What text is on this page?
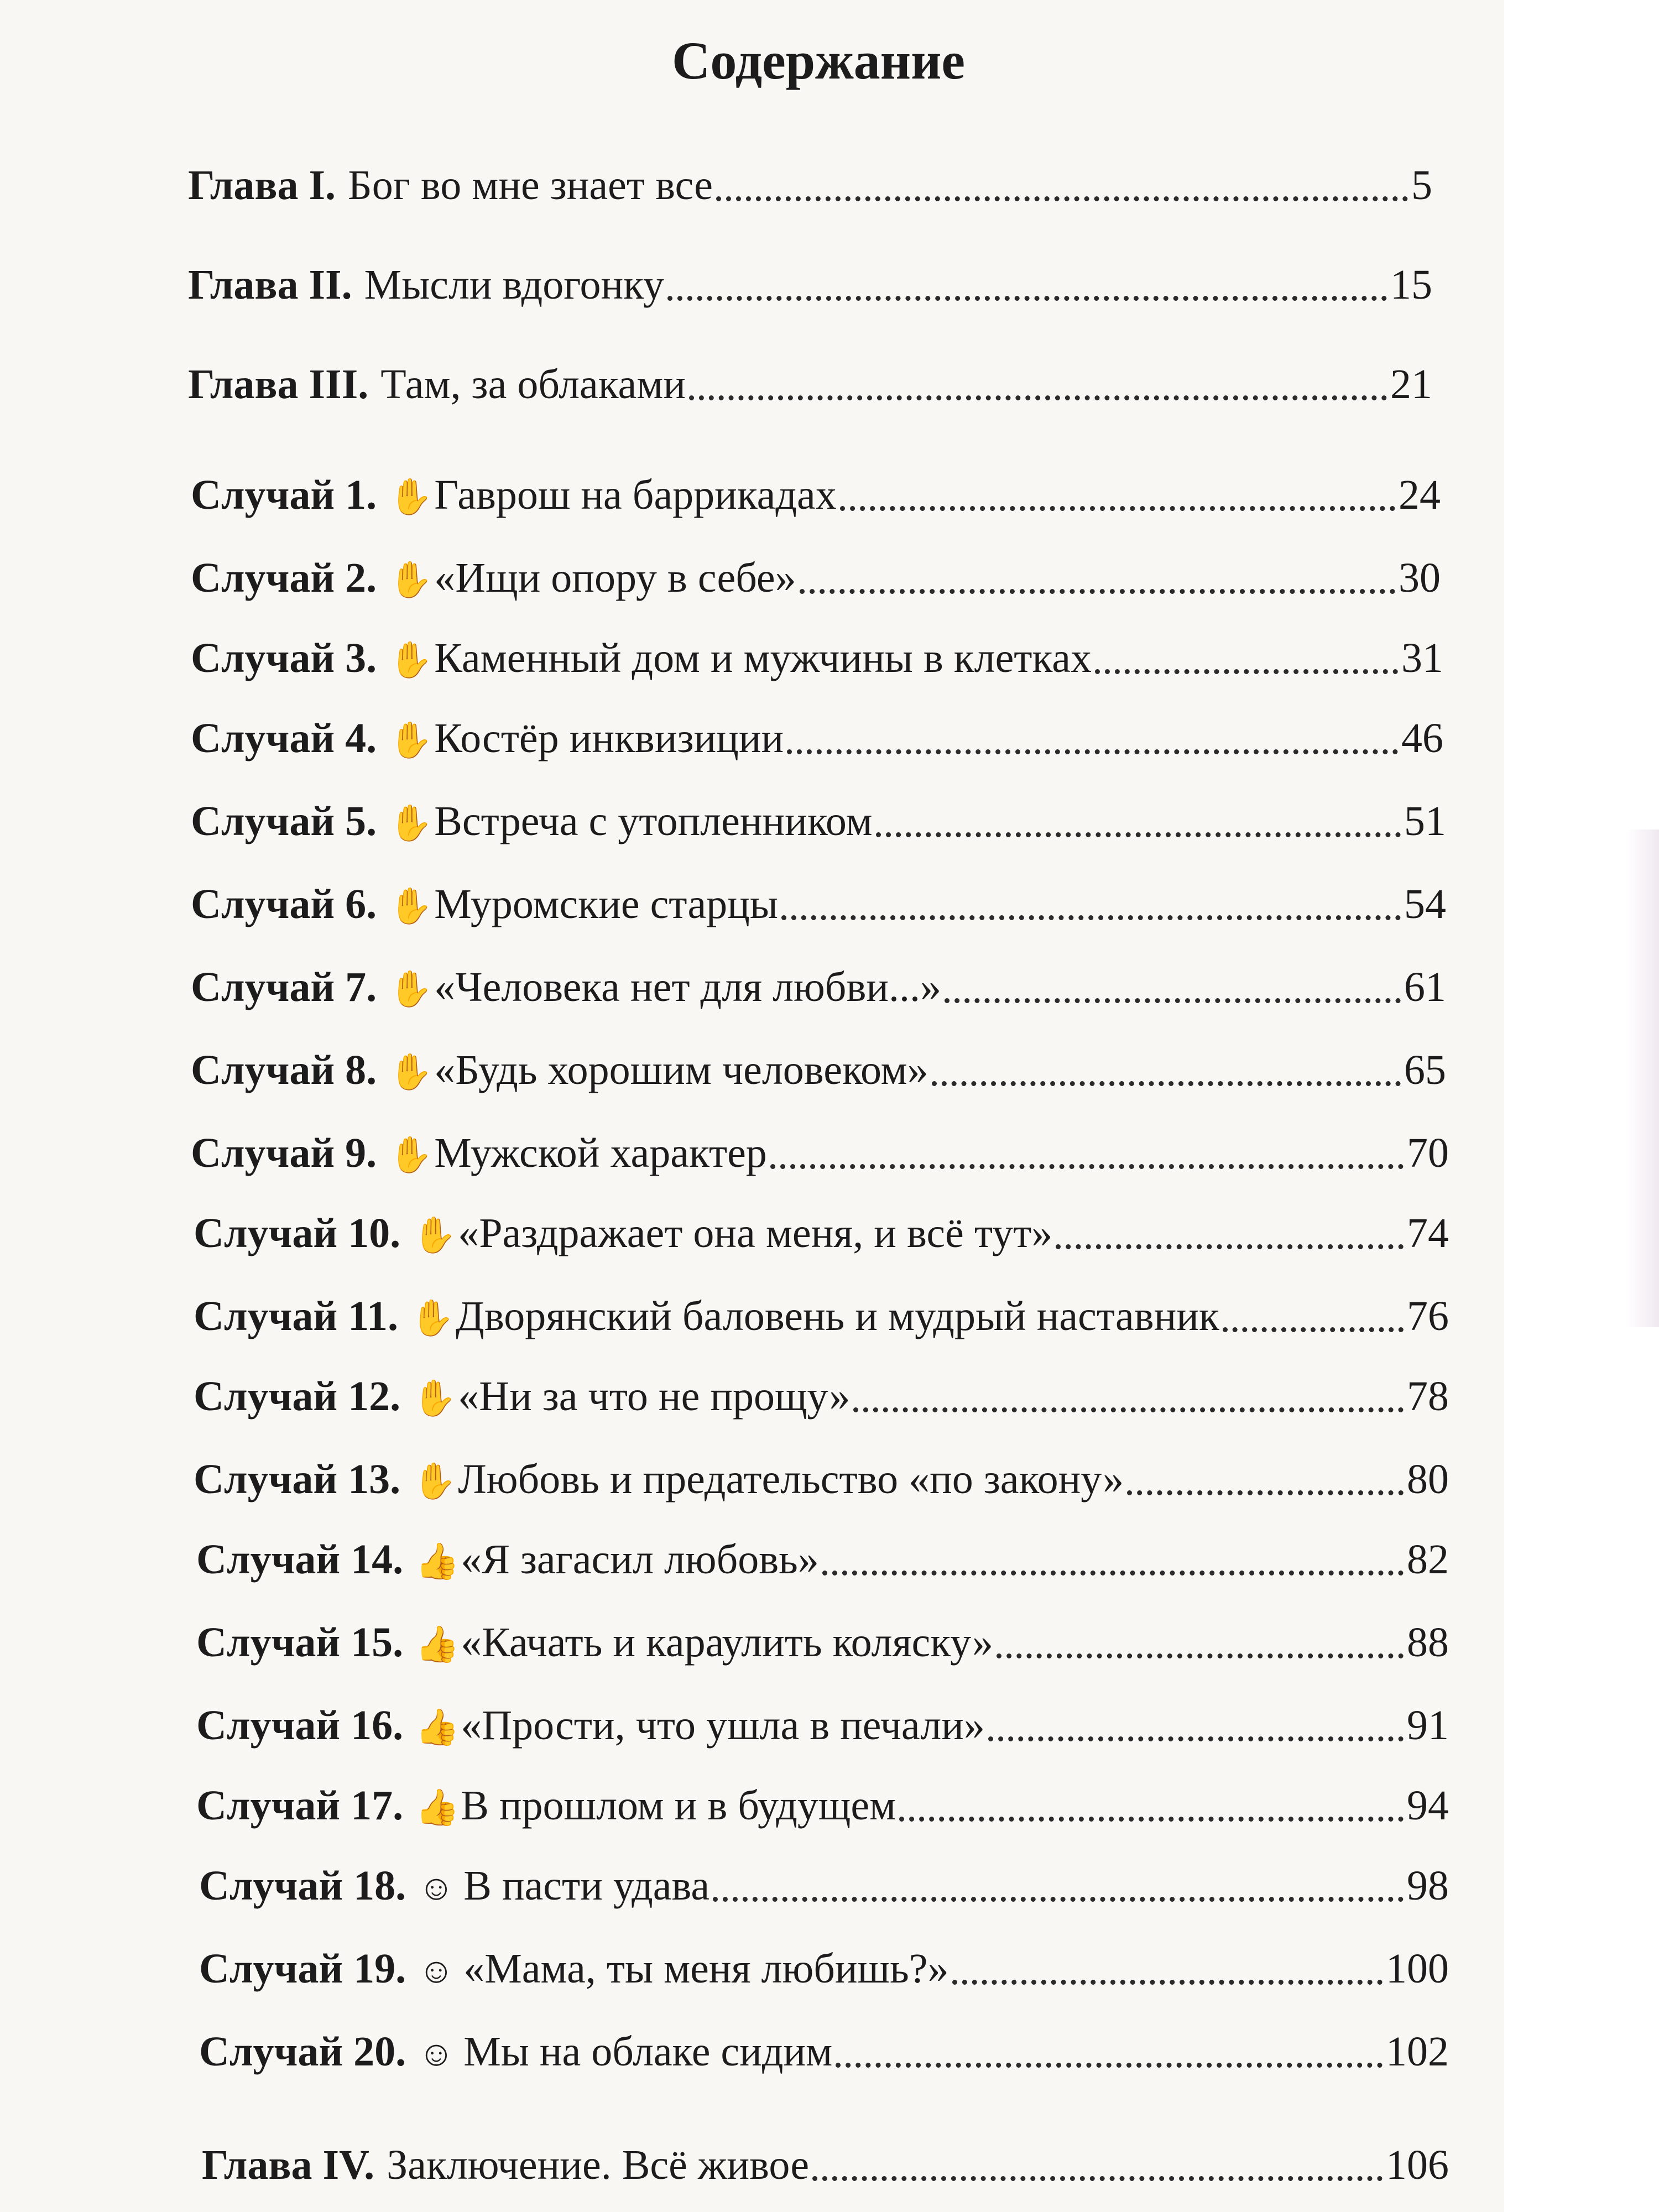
Содержание
Глава I. Бог во мне знает все	5
Глава II. Мысли вдогонку	15
Глава III. Там, за облаками	21
Случай 1. ✋ Гаврош на баррикадах	24
Случай 2. ✋ «Ищи опору в себе»	30
Случай 3. ✋ Каменный дом и мужчины в клетках	31
Случай 4. ✋ Костёр инквизиции	46
Случай 5. ✋ Встреча с утопленником	51
Случай 6. ✋ Муромские старцы	54
Случай 7. ✋ «Человека нет для любви...»	61
Случай 8. ✋ «Будь хорошим человеком»	65
Случай 9. ✋ Мужской характер	70
Случай 10. ✋ «Раздражает она меня, и всё тут»	74
Случай 11. ✋ Дворянский баловень и мудрый наставник	76
Случай 12. ✋ «Ни за что не прощу»	78
Случай 13. ✋ Любовь и предательство «по закону»	80
Случай 14. 👍 «Я загасил любовь»	82
Случай 15. 👍 «Качать и караулить коляску»	88
Случай 16. 👍 «Прости, что ушла в печали»	91
Случай 17. 👍 В прошлом и в будущем	94
Случай 18. ☺ В пасти удава	98
Случай 19. ☺ «Мама, ты меня любишь?»	100
Случай 20. ☺ Мы на облаке сидим	102
Глава IV. Заключение. Всё живое	106
